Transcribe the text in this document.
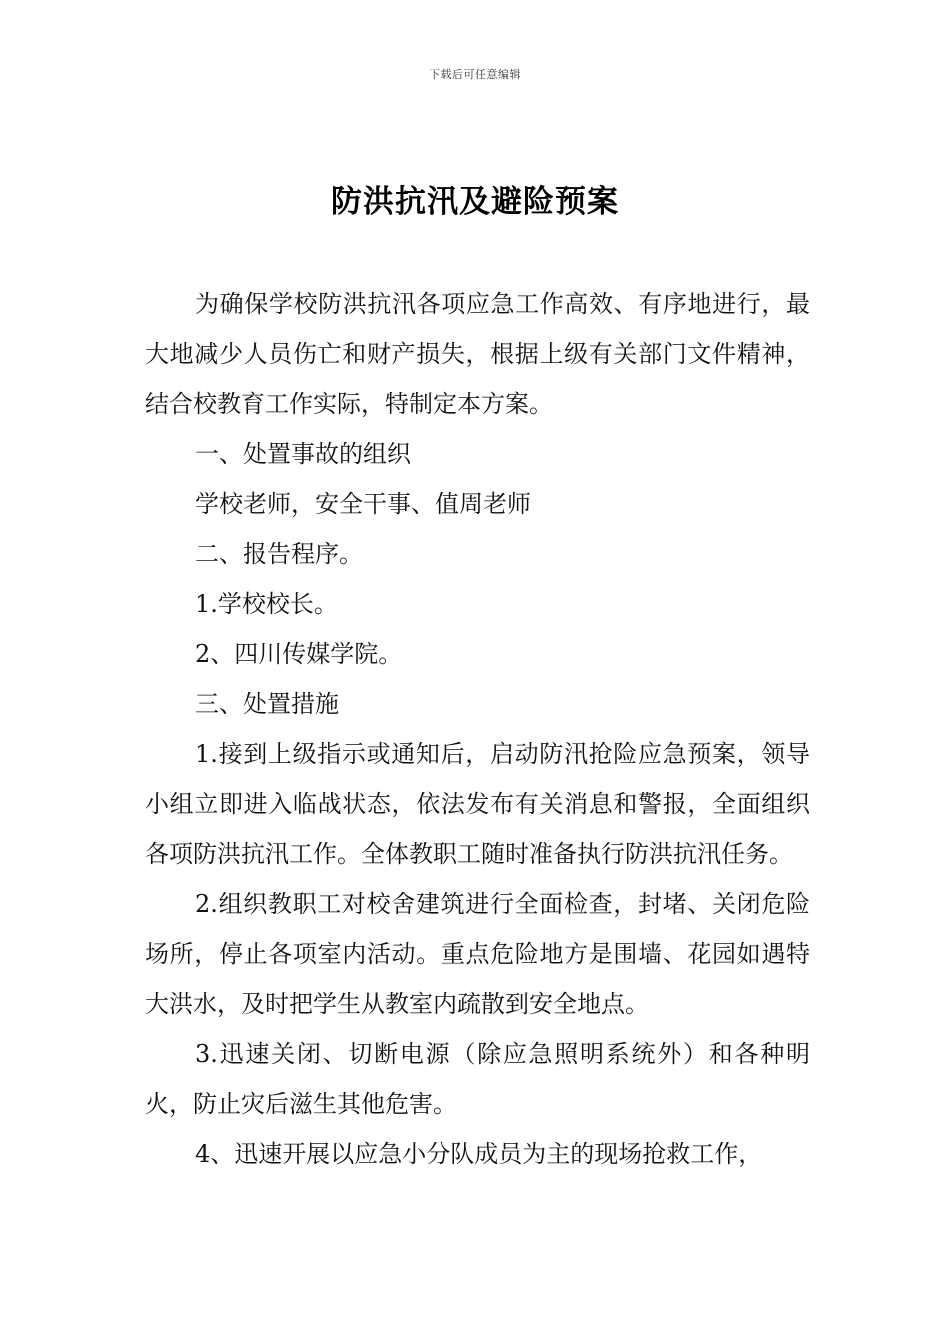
下载后可任意编辑
防洪抗汛及避险预案

为确保学校防洪抗汛各项应急工作高效、有序地进行，最大地减少人员伤亡和财产损失，根据上级有关部门文件精神，结合校教育工作实际，特制定本方案。

一、处置事故的组织

学校老师，安全干事、值周老师

二、报告程序。

1.学校校长。

2、四川传媒学院。

三、处置措施

1.接到上级指示或通知后，启动防汛抢险应急预案，领导小组立即进入临战状态，依法发布有关消息和警报，全面组织各项防洪抗汛工作。全体教职工随时准备执行防洪抗汛任务。

2.组织教职工对校舍建筑进行全面检查，封堵、关闭危险场所，停止各项室内活动。重点危险地方是围墙、花园如遇特大洪水，及时把学生从教室内疏散到安全地点。

3.迅速关闭、切断电源（除应急照明系统外）和各种明火，防止灾后滋生其他危害。

4、迅速开展以应急小分队成员为主的现场抢救工作，
